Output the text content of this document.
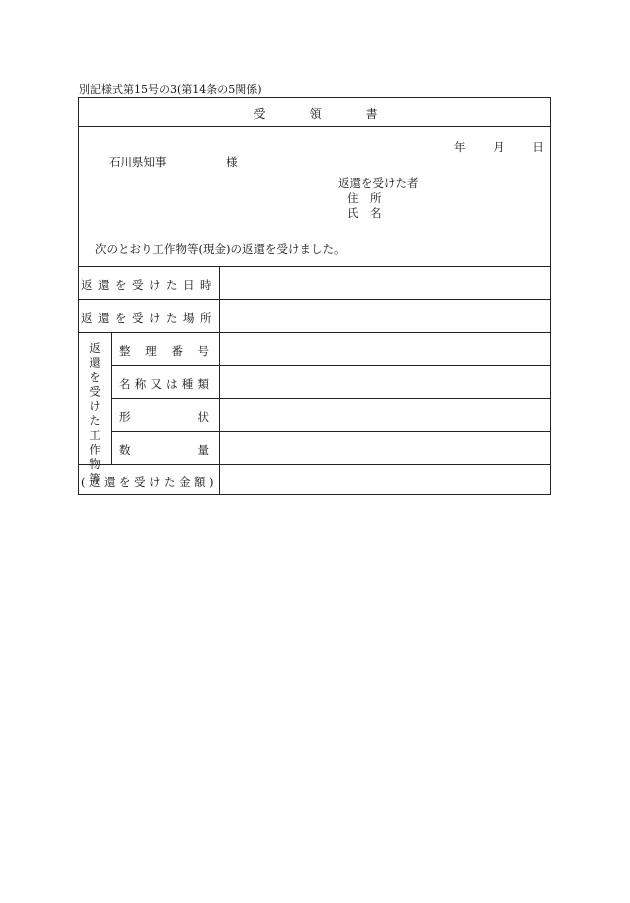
別記様式第15号の3(第14条の5関係)
受領書
年 月 日
石川県知事	様
返還を受けた者
住　所
氏　名
次のとおり工作物等(現金)の返還を受けました。
返還を受けた日時
返還を受けた場所
返還を受けた工作物等 整 理 番 号
名 称 又 は 種 類
形	状
数	量
(返還を受けた金額)
